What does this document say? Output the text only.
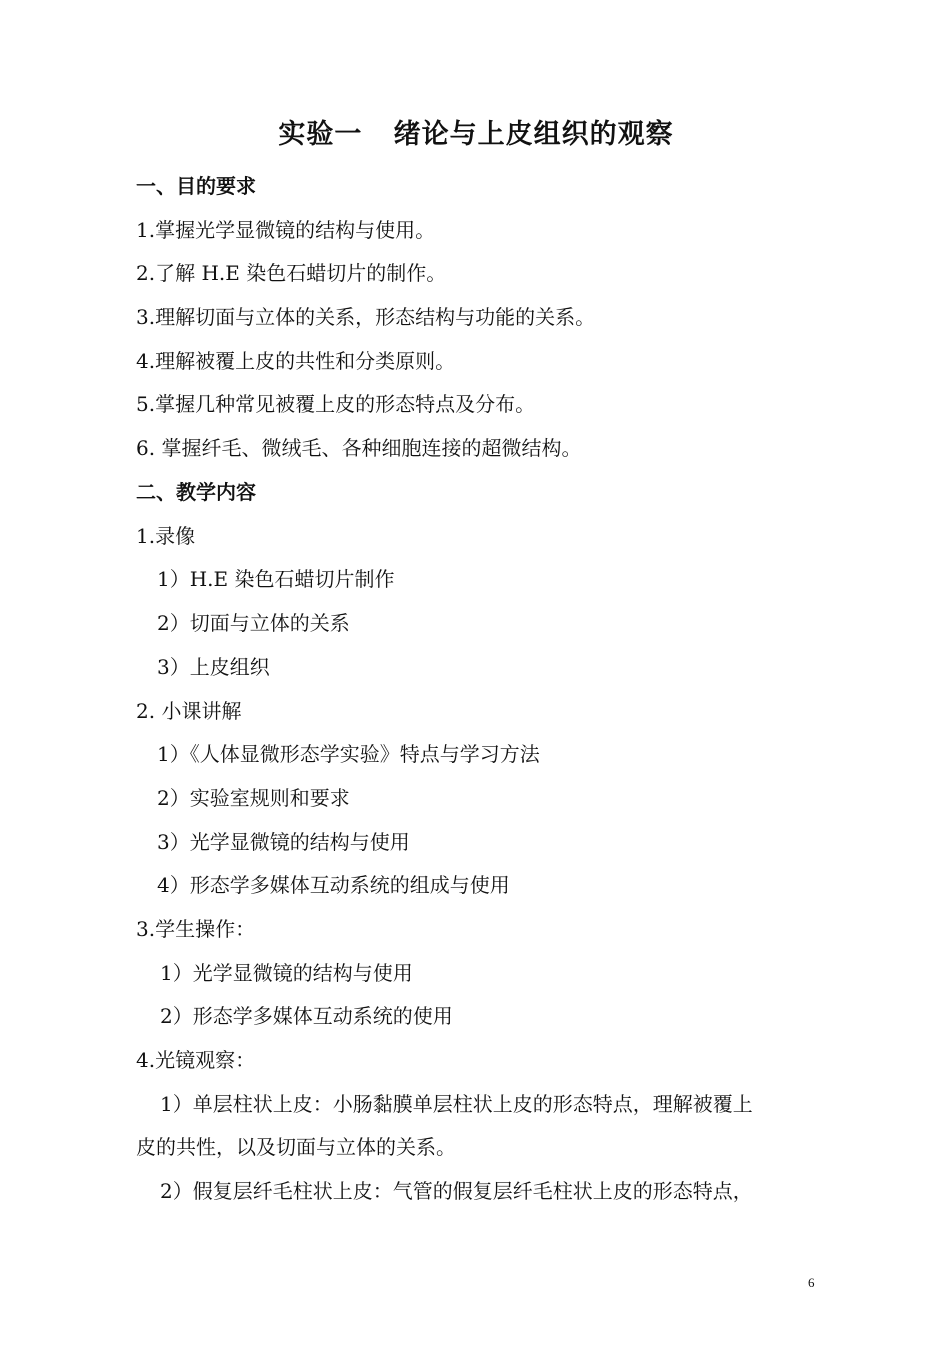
实验一   绪论与上皮组织的观察
一、目的要求
1.掌握光学显微镜的结构与使用。
2.了解 H.E 染色石蜡切片的制作。
3.理解切面与立体的关系，形态结构与功能的关系。
4.理解被覆上皮的共性和分类原则。
5.掌握几种常见被覆上皮的形态特点及分布。
6. 掌握纤毛、微绒毛、各种细胞连接的超微结构。
二、教学内容
1.录像
1）H.E 染色石蜡切片制作
2）切面与立体的关系
3）上皮组织
2. 小课讲解
1）《人体显微形态学实验》特点与学习方法
2）实验室规则和要求
3）光学显微镜的结构与使用
4）形态学多媒体互动系统的组成与使用
3.学生操作：
1）光学显微镜的结构与使用
2）形态学多媒体互动系统的使用
4.光镜观察：
1）单层柱状上皮：小肠黏膜单层柱状上皮的形态特点，理解被覆上
皮的共性，以及切面与立体的关系。
2）假复层纤毛柱状上皮：气管的假复层纤毛柱状上皮的形态特点，
6
